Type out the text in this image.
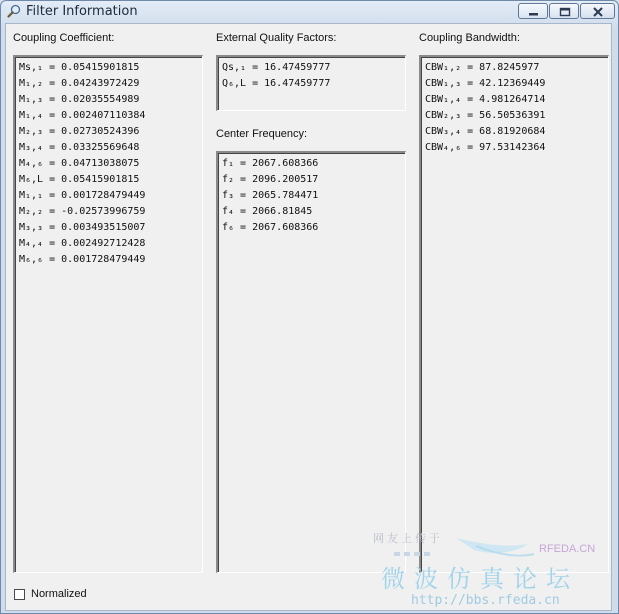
Filter Information
Coupling Coefficient:
Ms,₁ = 0.05415901815
M₁,₂ = 0.04243972429
M₁,₃ = 0.02035554989
M₁,₄ = 0.002407110384
M₂,₃ = 0.02730524396
M₃,₄ = 0.03325569648
M₄,₆ = 0.04713038075
M₆,L = 0.05415901815
M₁,₁ = 0.001728479449
M₂,₂ = -0.02573996759
M₃,₃ = 0.003493515007
M₄,₄ = 0.002492712428
M₆,₆ = 0.001728479449
External Quality Factors:
Qs,₁ = 16.47459777
Q₆,L = 16.47459777
Center Frequency:
f₁ = 2067.608366
f₂ = 2096.200517
f₃ = 2065.784471
f₄ = 2066.81845
f₆ = 2067.608366
Coupling Bandwidth:
CBW₁,₂ = 87.8245977
CBW₁,₃ = 42.12369449
CBW₁,₄ = 4.981264714
CBW₂,₃ = 56.50536391
CBW₃,₄ = 68.81920684
CBW₄,₆ = 97.53142364
Normalized
网友上传于
RFEDA.CN
微波仿真论坛
http://bbs.rfeda.cn
